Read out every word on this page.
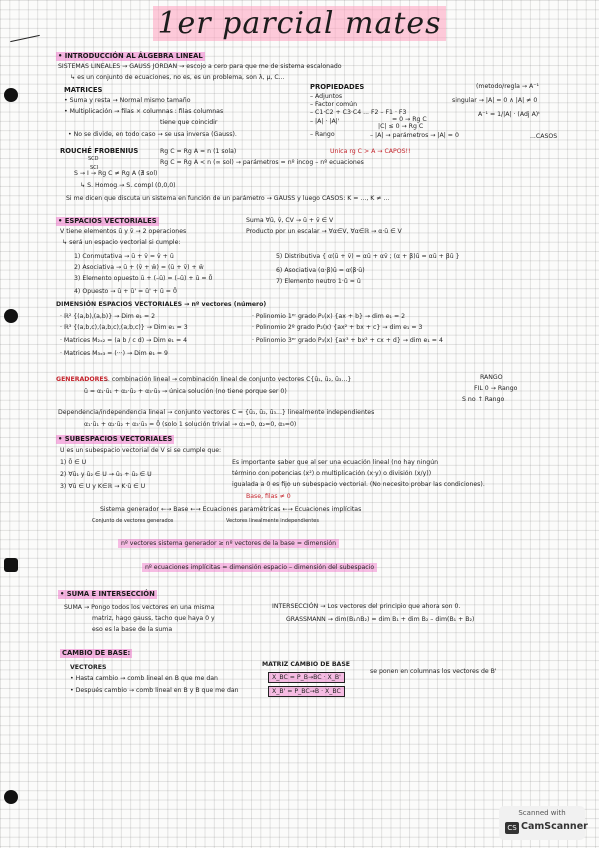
1er parcial mates
• INTRODUCCIÓN AL ÁLGEBRA LINEAL
SISTEMAS LINEALES → GAUSS JORDAN → escojo a cero para que me de sistema escalonado
↳ es un conjunto de ecuaciones, no es, es un problema, son λ, μ, C...
MATRICES
• Suma y resta → Normal mismo tamaño
• Multiplicación → filas × columnas : filas columnas
tiene que coincidir
• No se divide, en todo caso → se usa inversa (Gauss).
PROPIEDADES
– Adjuntos
– Factor común
– C1·C2 + C3·C4 ... F2 – F1 · F3
– |A| · |A|'
– Rango
|C| ≤ 0 → Rg C
= 0 → Rg C
– |A| → parámetros → |A| = 0
(metodo/regla → A⁻¹
singular → |A| = 0 ∧ |A| ≠ 0
A⁻¹ = 1/|A| · (Adj A)ᵗ
...CASOS
ROUCHÉ FROBENIUS
SCD
Rg C = Rg A = n (1 sola)
Rg C = Rg A < n (∞ sol) → parámetros = nº incog – nº ecuaciones
SCI
S → I → Rg C ≠ Rg A (∄ sol)
↳ S. Homog → S. compl (0,0,0)
Unica rg C > A → CAPOS!!
Si me dicen que discuta un sistema en función de un parámetro → GAUSS y luego CASOS: K = ..., K ≠ ...
• ESPACIOS VECTORIALES
V tiene elementos ū y v̄ → 2 operaciones
Suma ∀ū, v̄, CV → ū + v̄ ∈ V
Producto por un escalar → ∀α∈V, ∀α∈ℝ → α·ū ∈ V
↳ será un espacio vectorial si cumple:
1) Conmutativa → ū + v̄ = v̄ + ū
2) Asociativa → ū + (v̄ + w̄) = (ū + v̄) + w̄
3) Elemento opuesto ū + (–ū) = (–ū) + ū = 0̄
4) Opuesto → ū + ū' = ū' + ū = 0̄
5) Distributiva { α(ū + v̄) = αū + αv̄ ; (α + β)ū = αū + βū }
6) Asociativa (α·β)ū = α(β·ū)
7) Elemento neutro 1·ū = ū
DIMENSIÓN ESPACIOS VECTORIALES → nº vectores (número)
· ℝ² {(a,b),(a,b)} → Dim e₁ = 2
· ℝ³ {(a,b,c),(a,b,c),(a,b,c)} → Dim e₁ = 3
· Matrices M₂ₓ₂ = (a b / c d) → Dim e₁ = 4
· Matrices M₃ₓ₃ = (···) → Dim e₁ = 9
· Polinomio 1ᵉʳ grado P₁(x) {ax + b} → dim e₁ = 2
· Polinomio 2º grado P₂(x) {ax² + bx + c} → dim e₁ = 3
· Polinomio 3ᵉʳ grado P₃(x) {ax³ + bx² + cx + d} → dim e₁ = 4
GENERADORES
... combinación lineal → combinación lineal de conjunto vectores C{ū₁, ū₂, ū₃...}
ū = α₁·ū₁ + α₂·ū₂ + α₃·ū₃ → única solución (no tiene porque ser 0)
RANGO
FIL 0 → Rango
S no ↑ Rango
Dependencia/independencia lineal → conjunto vectores C = {ū₁, ū₂, ū₃...} linealmente independientes
α₁·ū₁ + α₂·ū₂ + α₃·ū₃ = 0̄ (solo 1 solución trivial → α₁=0, α₂=0, α₃=0)
• SUBESPACIOS VECTORIALES
U es un subespacio vectorial de V si se cumple que:
1) 0̄ ∈ U
2) ∀ū₁ y ū₂ ∈ U → ū₁ + ū₂ ∈ U
3) ∀ū ∈ U y K∈ℝ → K·ū ∈ U
Es importante saber que al ser una ecuación lineal (no hay ningún
término con potencias (x²) o multiplicación (x·y) o división (x/y))
igualada a 0 es fijo un subespacio vectorial. (No necesito probar las condiciones).
Base, filas ≠ 0
Sistema generador ←→ Base ←→ Ecuaciones paramétricas ←→ Ecuaciones implícitas
Conjunto de vectores generados	Vectores linealmente independientes
nº vectores sistema generador ≥ nº vectores de la base = dimensión
nº ecuaciones implícitas = dimensión espacio – dimensión del subespacio
• SUMA E INTERSECCIÓN
SUMA → Pongo todos los vectores en una misma
matriz, hago gauss, tacho que haya 0 y
eso es la base de la suma
INTERSECCIÓN → Los vectores del principio que ahora son 0.
GRASSMANN → dim(B₁∩B₂) = dim B₁ + dim B₂ – dim(B₁ + B₂)
CAMBIO DE BASE:
VECTORES
• Hasta cambio → comb lineal en B que me dan
• Después cambio → comb lineal en B y B que me dan
MATRIZ CAMBIO DE BASE
X_BC = P_B→BC · X_B'
X_B' = P_BC→B · X_BC
se ponen en columnas los vectores de B'
Scanned with
CS CamScanner
